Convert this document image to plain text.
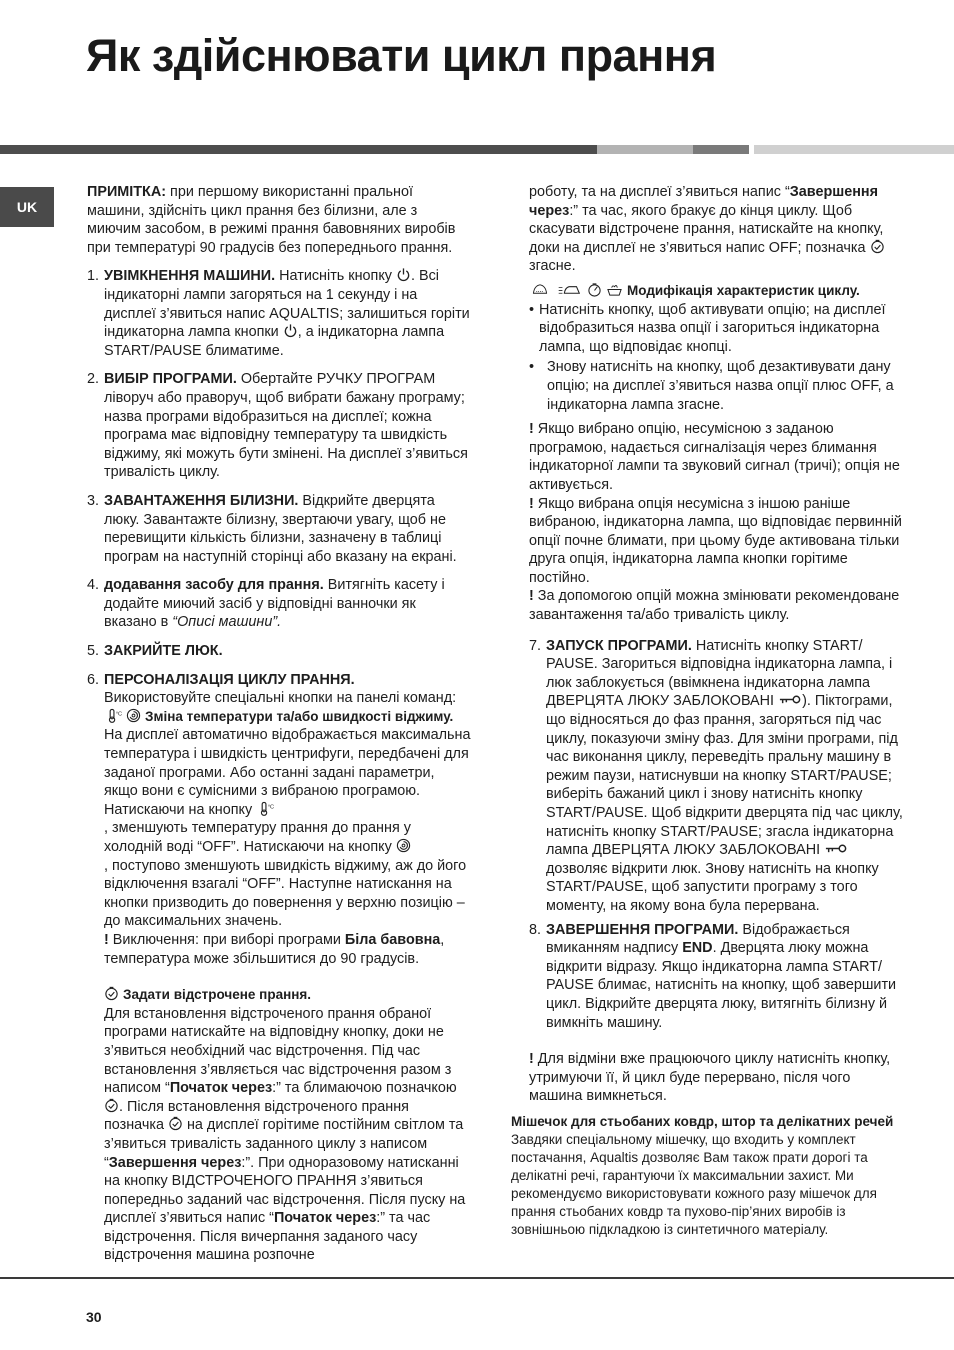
Як здійснювати цикл прання
UK

ПРИМІТКА: при першому використанні пральної машини, здійсніть цикл прання без білизни, але з миючим засобом, в режимі прання бавовняних виробів при температурі 90 градусів без попереднього прання.

1. УВІМКНЕННЯ МАШИНИ. Натисніть кнопку . Всі індикаторні лампи загоряться на 1 секунду і на дисплеї з’явиться напис AQUALTIS; залишиться горіти індикаторна лампа кнопки , а індикаторна лампа START/PAUSE блиматиме.
2. ВИБІР ПРОГРАМИ. Обертайте РУЧКУ ПРОГРАМ ліворуч або праворуч, щоб вибрати бажану програму; назва програми відобразиться на дисплеї; кожна програма має відповідну температуру та швидкість віджиму, які можуть бути змінені. На дисплеї з’явиться тривалість циклу.
3. ЗАВАНТАЖЕННЯ БІЛИЗНИ. Відкрийте дверцята люку. Завантажте білизну, звертаючи увагу, щоб не перевищити кількість білизни, зазначену в таблиці програм на наступній сторінці або вказану на екрані.
4. додавання засобу для прання. Витягніть касету і додайте миючий засіб у відповідні ванночки як вказано в “Описі машини”.
5. ЗАКРИЙТЕ ЛЮК.
6. ПЕРСОНАЛІЗАЦІЯ ЦИКЛУ ПРАННЯ.
Використовуйте спеціальні кнопки на панелі команд:

°C Зміна температури та/або швидкості віджиму.
На дисплеї автоматично відображається максимальна температура і швидкість центрифуги, передбачені для заданої програми. Або останні задані параметри, якщо вони є сумісними з вибраною програмою. Натискаючи на кнопку °C

, зменшують температуру прання до прання у холодній воді “OFF”. Натискаючи на кнопку
, поступово зменшують швидкість віджиму, аж до його відключення взагалі “OFF”. Наступне натискання на кнопки призводить до повернення у верхню позицію – до максимальних значень.
! Виключення: при виборі програми Біла бавовна, температура може збільшитися до 90 градусів.
Задати відстрочене прання.
Для встановлення відстроченого прання обраної програми натискайте на відповідну кнопку, доки не з’явиться необхідний час відстрочення. Під час встановлення з’являється час відстрочення разом з написом “Початок через:” та блимаючою позначкою . Після встановлення відстроченого прання позначка  на дисплеї горітиме постійним світлом та з’явиться тривалість заданного циклу з написом “Завершення через:”. При одноразовому натисканні на кнопку ВІДСТРОЧЕНОГО ПРАННЯ з’явиться попередньо заданий час відстрочення. Після пуску на дисплеї з’явиться напис “Початок через:” та час відстрочення. Після вичерпання заданого часу відстрочення машина розпочне

роботу, та на дисплеї з’явиться напис “Завершення через:” та час, якого бракує до кінця циклу. Щоб скасувати відстрочене прання, натискайте на кнопку, доки на дисплеї не з’явиться напис OFF; позначка  згасне.

Модифікація характеристик циклу.
• Натисніть кнопку, щоб активувати опцію; на дисплеї відобразиться назва опції і загориться індикаторна лампа, що відповідає кнопці.
• Знову натисніть на кнопку, щоб дезактивувати дану опцію; на дисплеї з’явиться назва опції плюс OFF, а індикаторна лампа згасне.

! Якщо вибрано опцію, несумісною з заданою програмою, надається сигналізація через блимання індикаторної лампи та звуковий сигнал (тричі); опція не активується.

! Якщо вибрана опція несумісна з іншою раніше вибраною, індикаторна лампа, що відповідає первинній опції почне блимати, при цьому буде активована тільки друга опція, індикаторна лампа кнопки горітиме постійно.

! За допомогою опцій можна змінювати рекомендоване завантаження та/або тривалість циклу.

7. ЗАПУСК ПРОГРАМИ. Натисніть кнопку START/ PAUSE. Загориться відповідна індикаторна лампа, і люк заблокується (ввімкнена індикаторна лампа ДВЕРЦЯТА ЛЮКУ ЗАБЛОКОВАНІ ). Піктограми, що відносяться до фаз прання, загоряться під час циклу, показуючи зміну фаз. Для зміни програми, під час виконання циклу, переведіть пральну машину в режим паузи, натиснувши на кнопку START/PAUSE; виберіть бажаний цикл і знову натисніть кнопку START/PAUSE. Щоб відкрити дверцята під час циклу, натисніть кнопку START/PAUSE; згасла індикаторна лампа ДВЕРЦЯТА ЛЮКУ ЗАБЛОКОВАНІ  дозволяє відкрити люк. Знову натисніть на кнопку START/PAUSE, щоб запустити програму з того моменту, на якому вона була перервана.
8. ЗАВЕРШЕННЯ ПРОГРАМИ. Відображається вмиканням надпису END. Дверцята люку можна відкрити відразу. Якщо індикаторна лампа START/ PAUSE блимає, натисніть на кнопку, щоб завершити цикл. Відкрийте дверцята люку, витягніть білизну й вимкніть машину.

! Для відміни вже працюючого циклу натисніть кнопку, утримуючи її, й цикл буде перервано, після чого машина вимкнеться.

Мішечок для стьобаних ковдр, штор та делікатних речей

Завдяки спеціальному мішечку, що входить у комплект постачання, Aqualtis дозволяє Вам також прати дорогі та делікатні речі, гарантуючи їх максимальнии захист. Ми рекомендуємо використовувати кожного разу мішечок для прання стьобаних ковдр та пухово-пір’яних виробів із зовнішньою підкладкою із синтетичного матеріалу.

30
